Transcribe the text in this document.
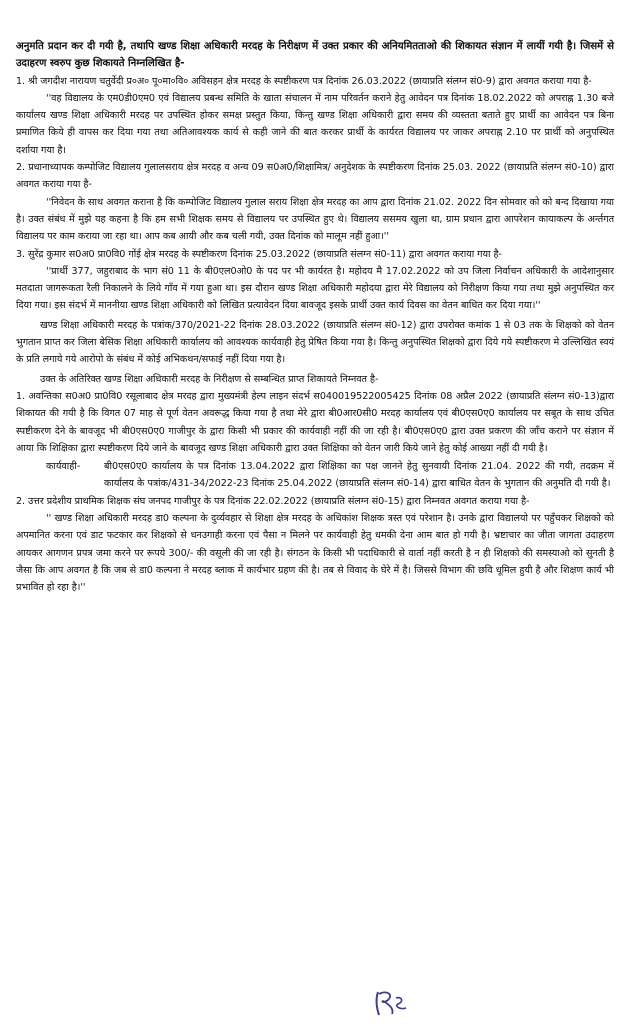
अनुमति प्रदान कर दी गयी है, तथापि खण्ड शिक्षा अधिकारी मरदह के निरीक्षण में उक्त प्रकार की अनियमितताओ की शिकायत संज्ञान में लायीं गयी है। जिसमें से उदाहरण स्वरुप कुछ शिकायते निम्नलिखित है-

1. श्री जगदीश नारायण चतुर्वेदी प्र०अ० पू०मा०वि० अविसहन क्षेत्र मरदह के स्पष्टीकरण पत्र दिनांक 26.03.2022 (छायाप्रति संलग्न सं0-9) द्वारा अवगत कराया गया है-

''वह विद्यालय के एम0डी0एम0 एवं विद्यालय प्रबन्ध समिति के खाता संचालन में नाम परिवर्तन कराने हेतु आवेदन पत्र दिनांक 18.02.2022 को अपराह्न 1.30 बजे कार्यालय खण्ड शिक्षा अधिकारी मरदह पर उपस्थित होकर समक्ष प्रस्तुत किया, किन्तु खण्ड शिक्षा अधिकारी द्वारा समय की व्यस्तता बताते हुए प्रार्थी का आवेदन पत्र बिना प्रमाणित किये ही वापस कर दिया गया तथा अतिआवश्यक कार्य से कही जाने की बात करकर प्रार्थी के कार्यरत विद्यालय पर जाकर अपराह्न 2.10 पर प्रार्थी को अनुपस्थित दर्शाया गया है।

2. प्रधानाध्यापक कम्पोजिट विद्यालय गुलालसराय क्षेत्र मरदह व अन्य 09 स0अ0/शिक्षामित्र/ अनुदेशक के स्पष्टीकरण दिनांक 25.03. 2022 (छायाप्रति संलग्न सं0-10) द्वारा अवगत कराया गया है-

''निवेदन के साथ अवगत कराना है कि कम्पोजिट विद्यालय गुलाल सराय शिक्षा क्षेत्र मरदह का आप द्वारा दिनांक 21.02. 2022 दिन सोमवार को को बन्द दिखाया गया है। उक्त संबंध में मुझे यह कहना है कि हम सभी शिक्षक समय से विद्यालय पर उपस्थित हुए थे। विद्यालय ससमय खुला था, ग्राम प्रधान द्वारा आपरेशन कायाकल्प के अर्न्तगत विद्यालय पर काम कराया जा रहा था। आप कब आयी और कब चली गयी, उक्त दिनांक को मालूम नहीं हुआ।''

3. सुरेंद्र कुमार स0अ0 प्रा0वि0 गोंई क्षेत्र मरदह के स्पष्टीकरण दिनांक 25.03.2022 (छायाप्रति संलग्न सं0-11) द्वारा अवगत कराया गया है-

''प्रार्थी 377, जहुराबाद के भाग सं0 11 के बी0एल0ओ0 के पद पर भी कार्यरत है। महोदय मै 17.02.2022 को उप जिला निर्वाचन अधिकारी के आदेशानुसार मतदाता जागरूकता रैली निकालने के लिये गाँव में गया हुआ था। इस दौरान खण्ड शिक्षा अधिकारी महोदया द्वारा मेरे विद्यालय को निरीक्षण किया गया तथा मुझे अनुपस्थित कर दिया गया। इस संदर्भ में माननीया खण्ड शिक्षा अधिकारी को लिखित प्रत्यावेदन दिया बावजूद इसके प्रार्थी उक्त कार्य दिवस का वेतन बाधित कर दिया गया।''

खण्ड शिक्षा अधिकारी मरदह के पत्रांक/370/2021-22 दिनांक 28.03.2022 (छायाप्रति संलग्न सं0-12) द्वारा उपरोक्त कमांक 1 से 03 तक के शिक्षको को वेतन भुगतान प्राप्त कर जिला बेसिक शिक्षा अधिकारी कार्यालय को आवश्यक कार्यवाही हेतु प्रेषित किया गया है। किन्तु अनुपस्थित शिक्षको द्वारा दिये गये स्पष्टीकरण मे उल्लिखित स्वयं के प्रति लगाये गये आरोपो के संबंध में कोई अभिकथन/सफाई नहीं दिया गया है।

उक्त के अतिरिक्त खण्ड शिक्षा अधिकारी मरदह के निरीक्षण से सम्बन्धित प्राप्त शिकायते निम्नवत है-

1. अवन्तिका स0अ0 प्रा0वि0 रसूलाबाद क्षेत्र मरदह द्वारा मुख्यमंत्री हेल्प लाइन संदर्भ स040019522005425 दिनांक 08 अप्रैल 2022 (छायाप्रति संलग्न सं0-13)द्वारा शिकायत की गयी है कि विगत 07 माह से पूर्ण वेतन अवरूद्ध किया गया है तथा मेरे द्वारा बी0आर0सी0 मरदह कार्यालय एवं बी0एस0ए0 कार्यालय पर सबूत के साथ उचित स्पष्टीकरण देने के बावजूद भी बी0एस0ए0 गाजीपुर के द्वारा किसी भी प्रकार की कार्यवाही नहीं की जा रही है। बी0एस0ए0 द्वारा उक्त प्रकरण की जाँच कराने पर संज्ञान में आया कि शिक्षिका द्वारा स्पष्टीकरण दिये जाने के बावजूद खण्ड शिक्षा अधिकारी द्वारा उक्त शिक्षिका को वेतन जारी किये जाने हेतु कोई आख्या नहीं दी गयी है।

कार्यवाही-	बी0एस0ए0 कार्यालय के पत्र दिनांक 13.04.2022 द्वारा शिक्षिका का पक्ष जानने हेतु सुनवायी दिनांक 21.04. 2022 की गयी, तदक्रम में कार्यालय के पत्रांक/431-34/2022-23 दिनांक 25.04.2022 (छायाप्रति संलग्न सं0-14) द्वारा बाधित वेतन के भुगतान की अनुमति दी गयी है।

2. उत्तर प्रदेशीय प्राथमिक शिक्षक संघ जनपद गाजीपुर के पत्र दिनांक 22.02.2022 (छायाप्रति संलग्न सं0-15) द्वारा निम्नवत अवगत कराया गया है-

'' खण्ड शिक्षा अधिकारी मरदह डा0 कल्पना के दुर्व्यवहार से शिक्षा क्षेत्र मरदह के अधिकांश शिक्षक त्रस्त एवं परेशान है। उनके द्वारा विद्यालयो पर पहुँचकर शिक्षको को अपमानित करना एवं डाट फटकार कर शिक्षको से धनउगाही करना एवं पैसा न मिलने पर कार्यवाही हेतु धमकी देना आम बात हो गयी है। भ्रष्टाचार का जीता जागता उदाहरण आयकर आगणन प्रपत्र जमा करने पर रूपये 300/- की वसूली की जा रही है। संगठन के किसी भी पदाधिकारी से वार्ता नहीं करती है न ही शिक्षको की समस्याओ को सुनती है जैसा कि आप अवगत है कि जब से डा0 कल्पना ने मरदह ब्लाक में कार्यभार ग्रहण की है। तब से विवाद के घेरे में है। जिससे विभाग की छवि धूमिल हुयी है और शिक्षण कार्य भी प्रभावित हो रहा है।''
